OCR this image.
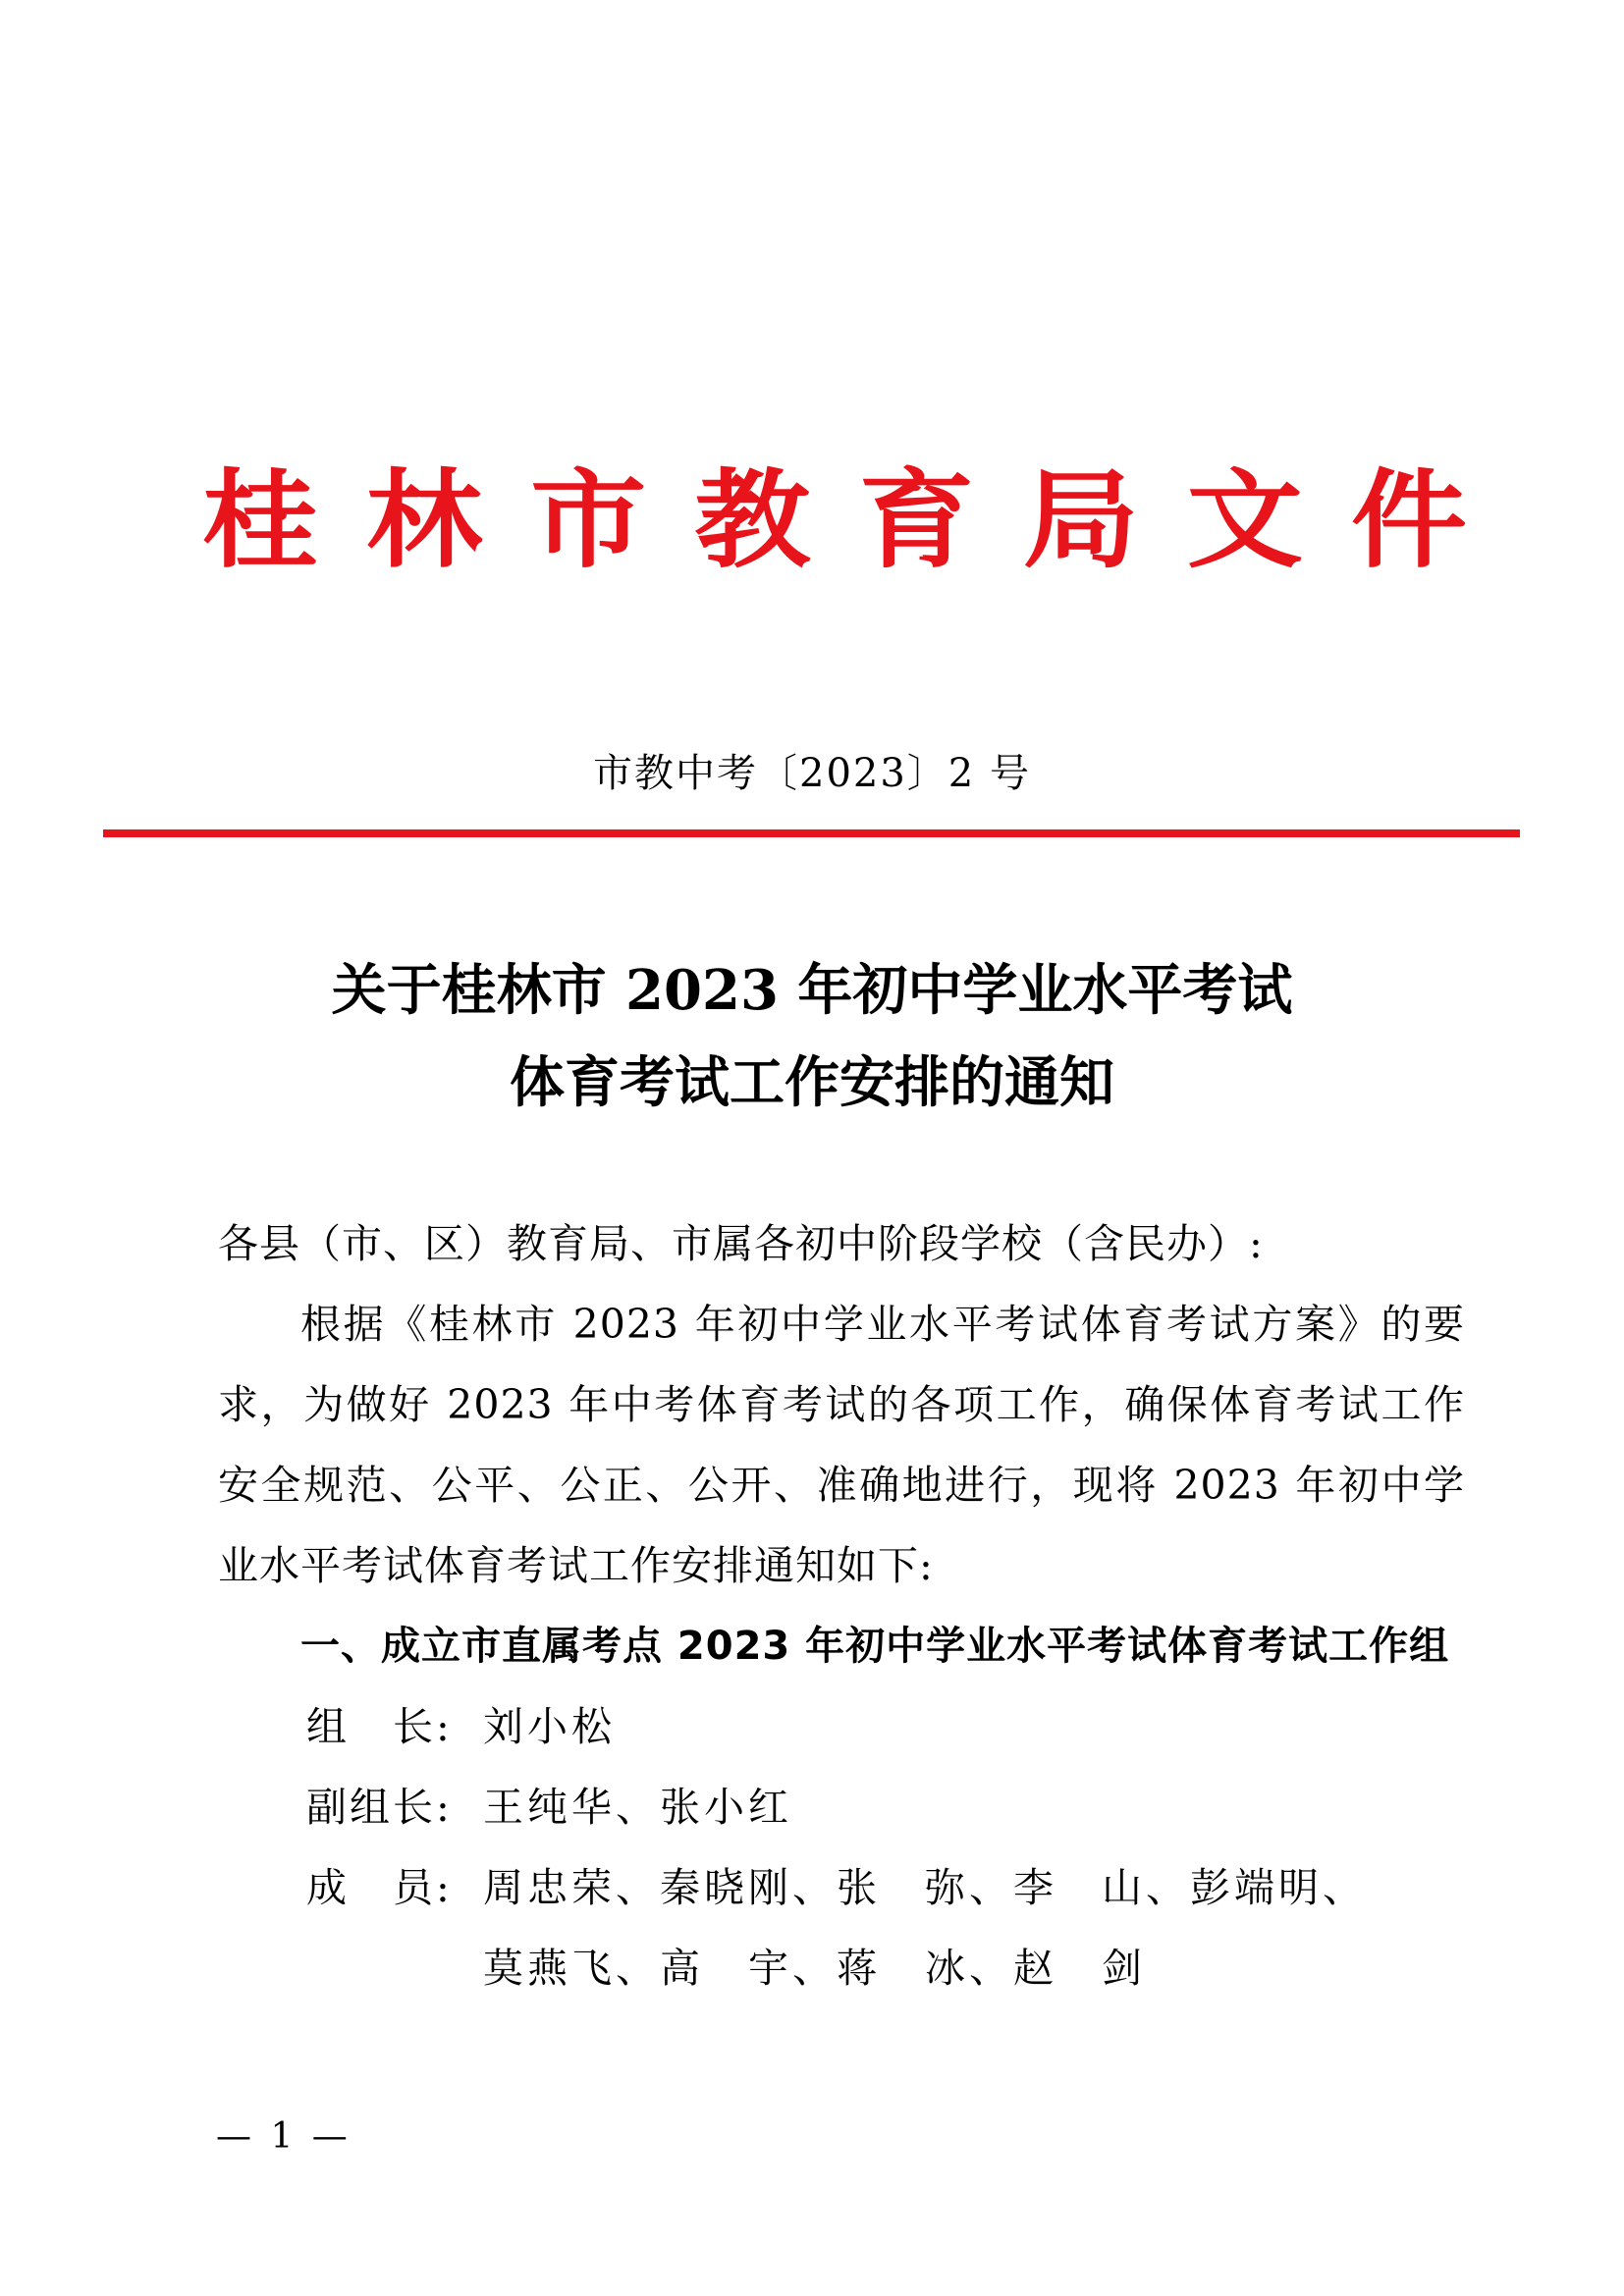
桂 林 市 教 育 局 文 件
市教中考〔2023〕2 号
关于桂林市 2023 年初中学业水平考试
体育考试工作安排的通知

各县（市、区）教育局、市属各初中阶段学校（含民办）:

根据《桂林市 2023 年初中学业水平考试体育考试方案》的要求，为做好 2023 年中考体育考试的各项工作，确保体育考试工作安全规范、公平、公正、公开、准确地进行，现将 2023 年初中学业水平考试体育考试工作安排通知如下:

一、成立市直属考点 2023 年初中学业水平考试体育考试工作组

组　长: 刘小松
副组长: 王纯华、张小红
成　员: 周忠荣、秦晓刚、张　弥、李　山、彭端明、
莫燕飞、高　宇、蒋　冰、赵　剑
— 1 —
